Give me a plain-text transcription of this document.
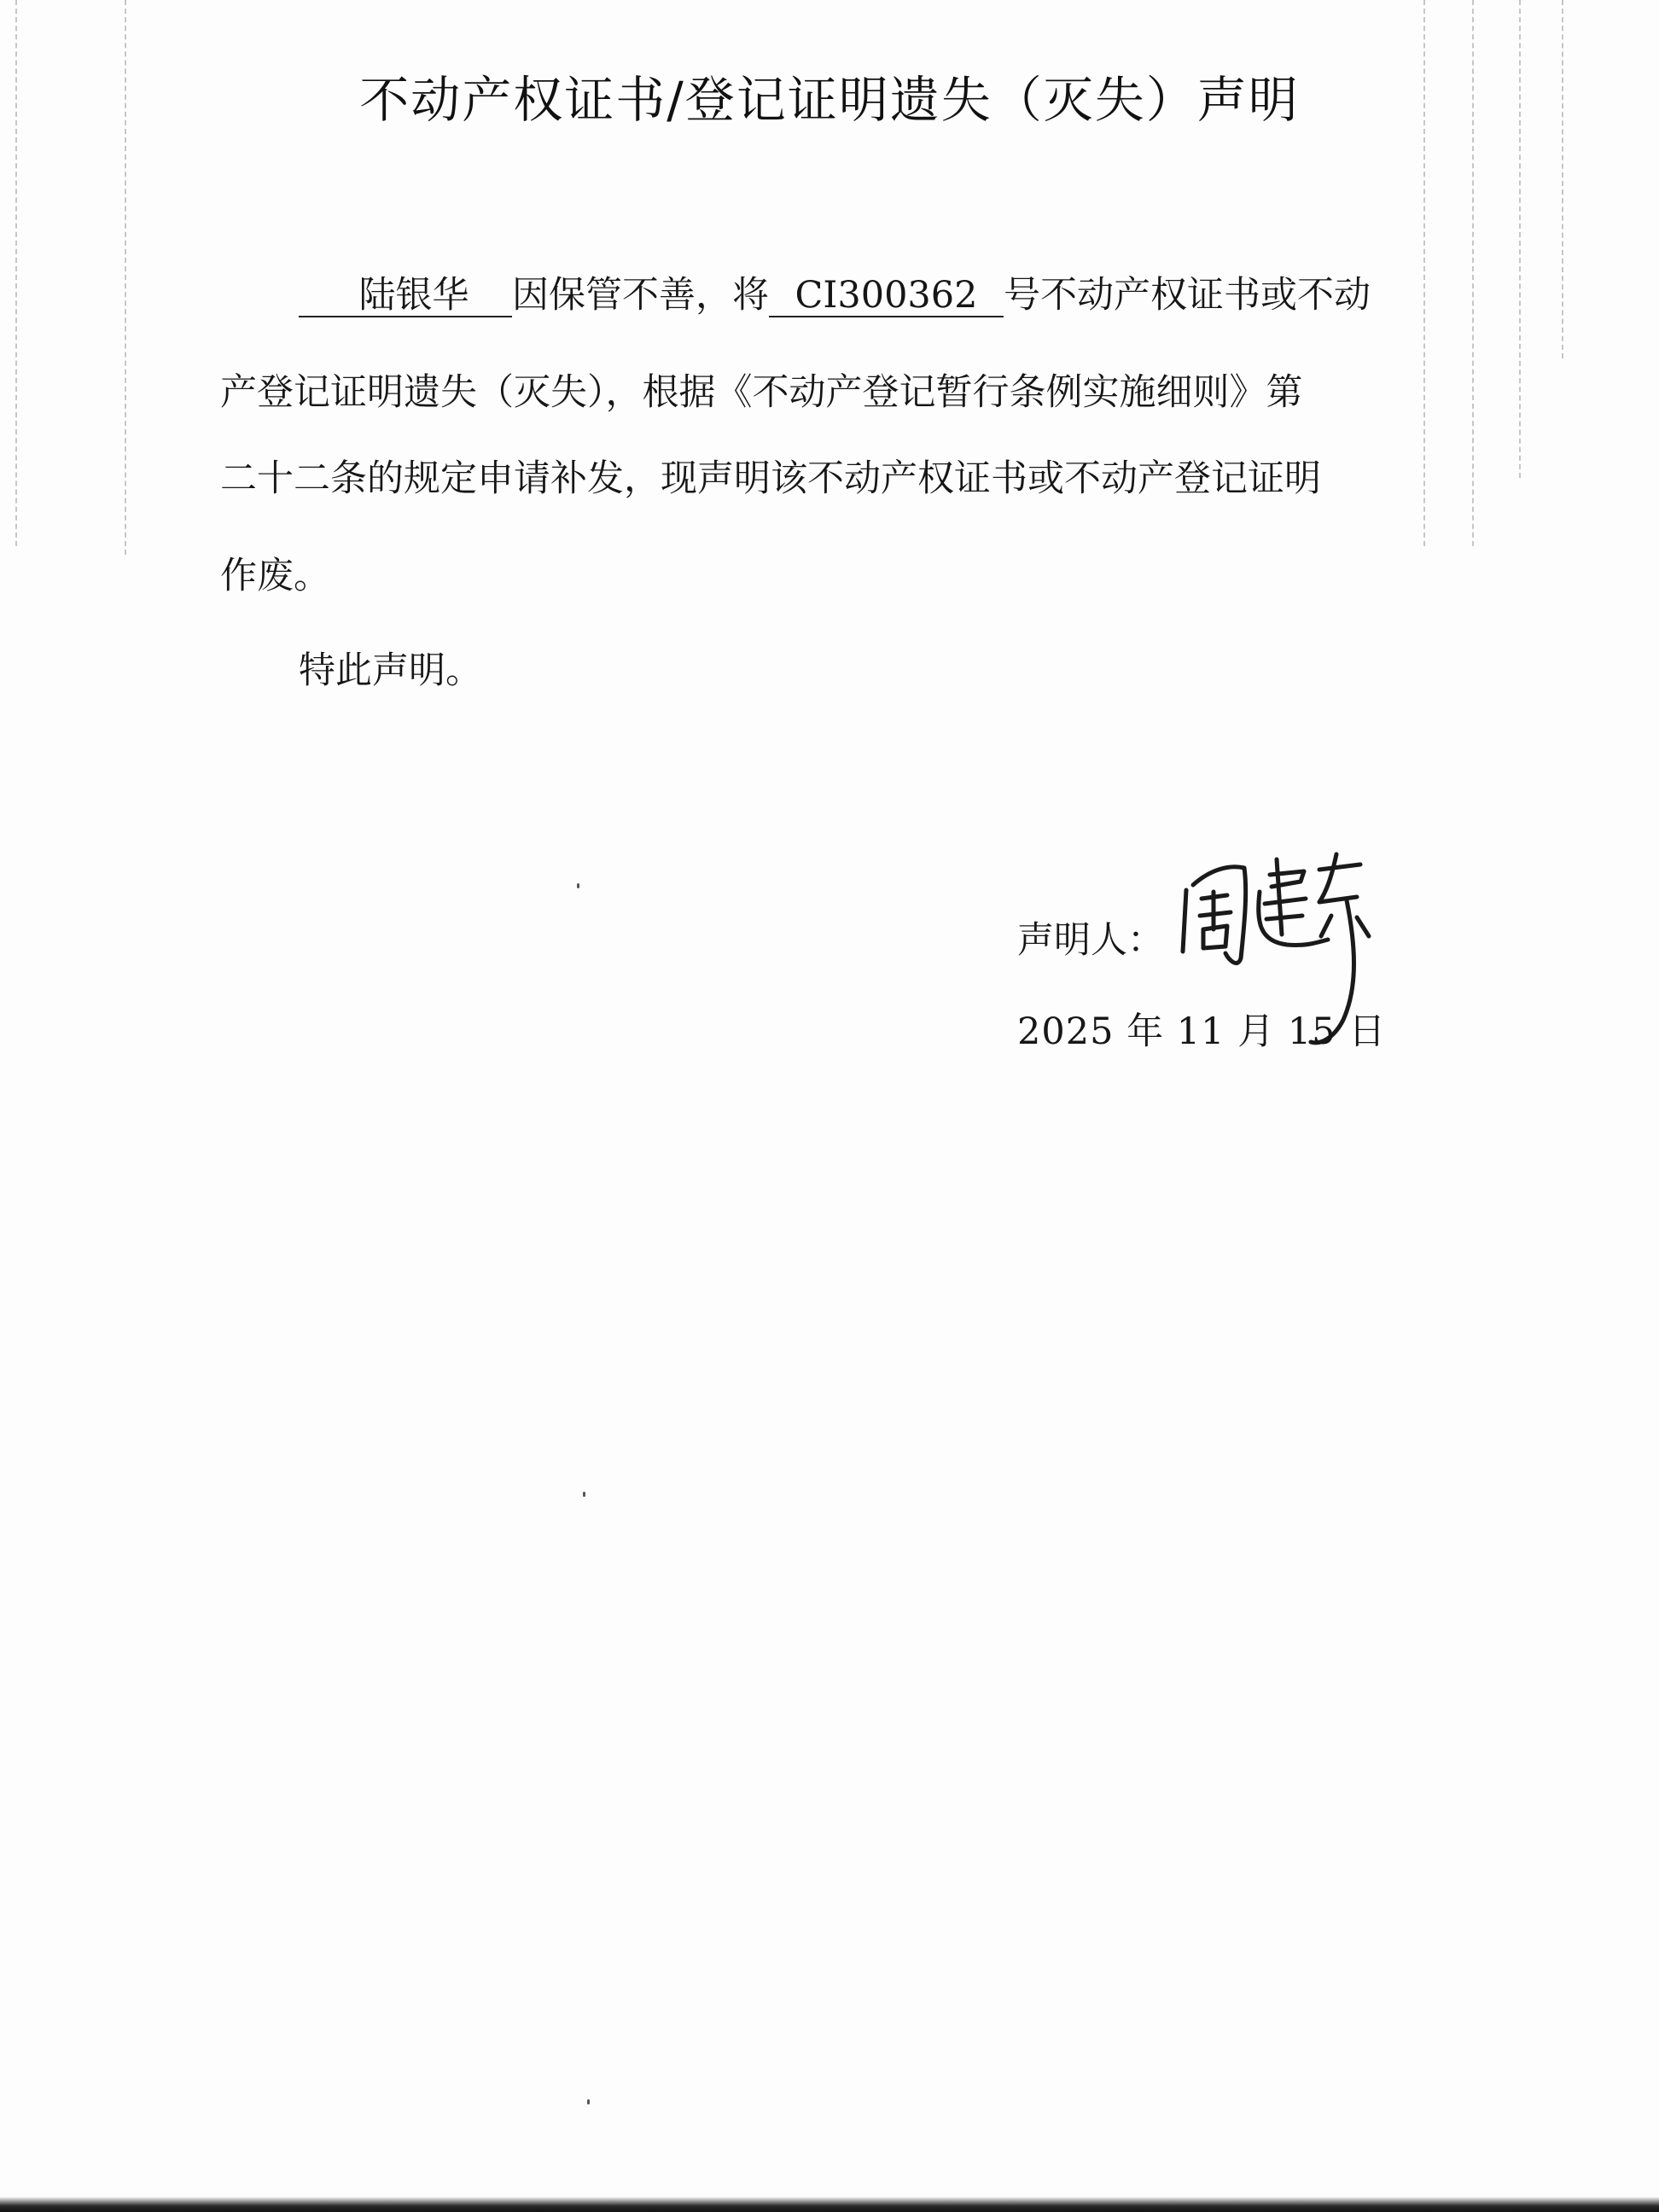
不动产权证书/登记证明遗失（灭失）声明
陆银华 因保管不善，将 CI300362 号不动产权证书或不动
产登记证明遗失（灭失），根据《不动产登记暂行条例实施细则》第
二十二条的规定申请补发，现声明该不动产权证书或不动产登记证明
作废。
特此声明。
声明人：
2025 年 11 月 15 日
